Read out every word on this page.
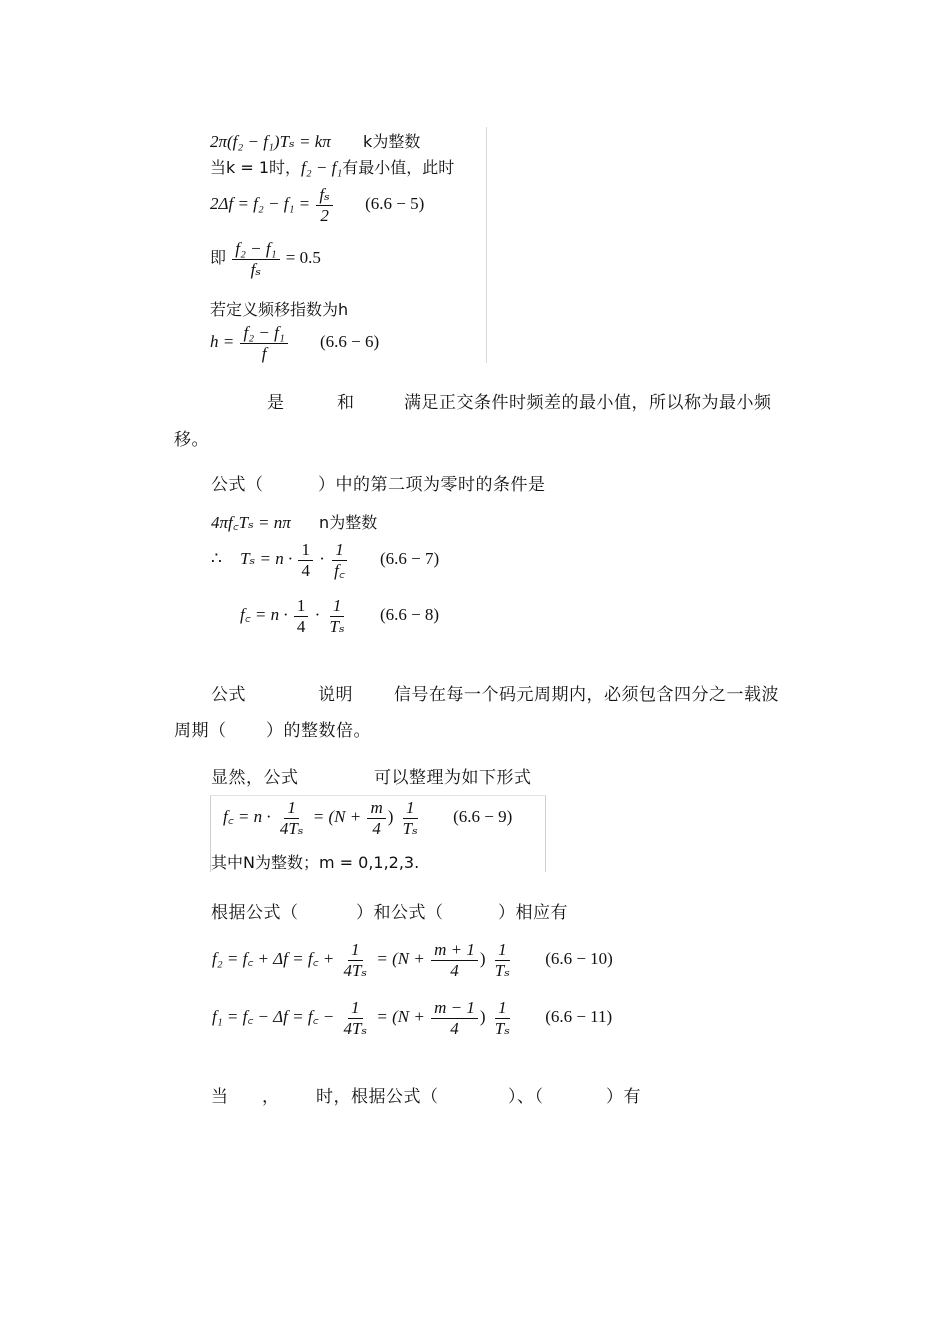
2π(f₂ − f₁)Tₛ = kπ k为整数
当k = 1时，f₂ − f₁有最小值，此时
$2\Delta f = f_2 - f_1 = \frac{\text{fₛ}}{2} (6.6 - 5)$
即 $\frac{\text{f₂ − f₁}}{\text{fₛ}} = 0.5$
若定义频移指数为h
$h = \frac{\text{f₂ − f₁}}{f} (6.6 - 6)$
是	和	满足正交条件时频差的最小值，所以称为最小频
移。
公式（	）中的第二项为零时的条件是
4πf꜀Tₛ = nπ n为整数
∴ $T_s = n \cdot \frac{1}{4} \cdot \frac{1}{f꜀} (6.6 - 7)$
f꜀ = $n \cdot \frac{1}{4} \cdot \frac{1}{\text{Tₛ}} (6.6 - 8)$
公式	说明 信号在每一个码元周期内，必须包含四分之一载波
周期（ ）的整数倍。
显然，公式	可以整理为如下形式
f꜀ = $n \cdot \frac{1}{\text{4Tₛ}} = (N + \frac{m}{4}$ ) $\frac{1}{\text{Tₛ}} (6.6 - 9)$
其中N为整数；m = 0,1,2,3.
根据公式（	）和公式（	）相应有
f₂ = f꜀ + Δf = f꜀ + $\frac{1}{\text{4Tₛ}} = (N + \frac{m + 1}{4}$ ) $\frac{1}{\text{Tₛ}} (6.6 - 10)$
f₁ = f꜀ − Δf = f꜀ − $\frac{1}{\text{4Tₛ}} = (N + \frac{m - 1}{4}$ ) $\frac{1}{\text{Tₛ}} (6.6 - 11)$
当 ， 时，根据公式（	）、（	）有
